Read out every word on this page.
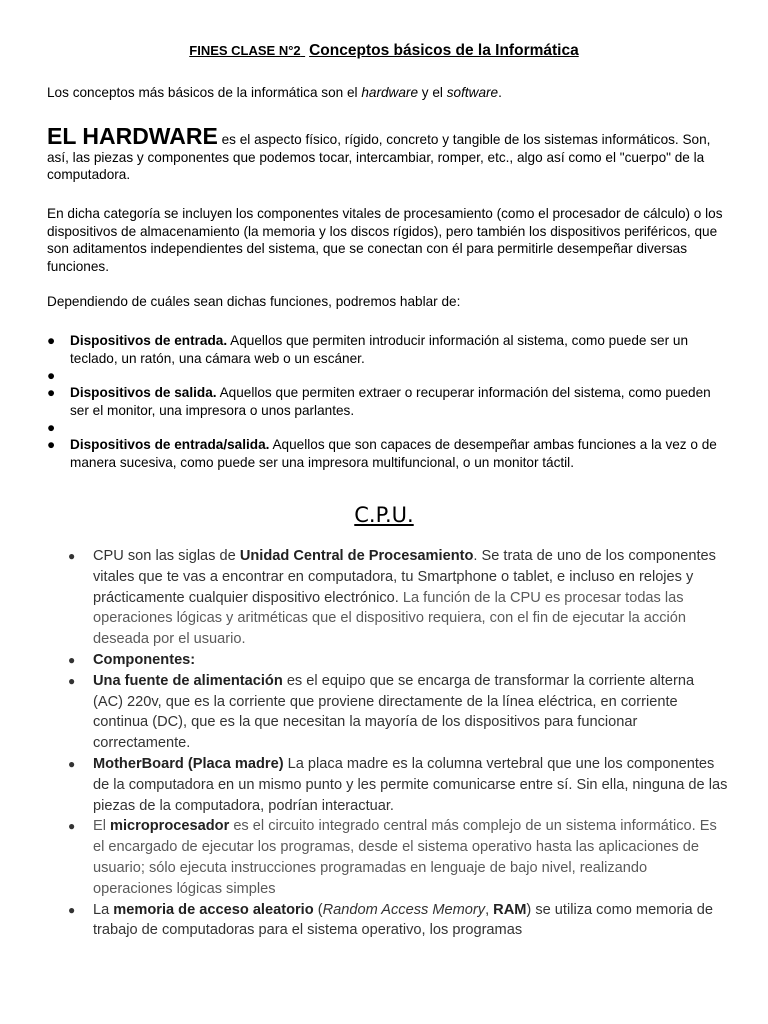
FINES CLASE N°2 Conceptos básicos de la Informática

Los conceptos más básicos de la informática son el hardware y el software.

EL HARDWARE es el aspecto físico, rígido, concreto y tangible de los sistemas informáticos. Son, así, las piezas y componentes que podemos tocar, intercambiar, romper, etc., algo así como el "cuerpo" de la computadora.

En dicha categoría se incluyen los componentes vitales de procesamiento (como el procesador de cálculo) o los dispositivos de almacenamiento (la memoria y los discos rígidos), pero también los dispositivos periféricos, que son aditamentos independientes del sistema, que se conectan con él para permitirle desempeñar diversas funciones.

Dependiendo de cuáles sean dichas funciones, podremos hablar de:

● Dispositivos de entrada. Aquellos que permiten introducir información al sistema, como puede ser un teclado, un ratón, una cámara web o un escáner.
●
● Dispositivos de salida. Aquellos que permiten extraer o recuperar información del sistema, como pueden ser el monitor, una impresora o unos parlantes.
●
● Dispositivos de entrada/salida. Aquellos que son capaces de desempeñar ambas funciones a la vez o de manera sucesiva, como puede ser una impresora multifuncional, o un monitor táctil.
C.P.U.
● CPU son las siglas de Unidad Central de Procesamiento. Se trata de uno de los componentes vitales que te vas a encontrar en computadora, tu Smartphone o tablet, e incluso en relojes y prácticamente cualquier dispositivo electrónico. La función de la CPU es procesar todas las operaciones lógicas y aritméticas que el dispositivo requiera, con el fin de ejecutar la acción deseada por el usuario.
● Componentes:
● Una fuente de alimentación es el equipo que se encarga de transformar la corriente alterna (AC) 220v, que es la corriente que proviene directamente de la línea eléctrica, en corriente continua (DC), que es la que necesitan la mayoría de los dispositivos para funcionar correctamente.
● MotherBoard (Placa madre) La placa madre es la columna vertebral que une los componentes de la computadora en un mismo punto y les permite comunicarse entre sí. Sin ella, ninguna de las piezas de la computadora, podrían interactuar.
● El microprocesador es el circuito integrado central más complejo de un sistema informático. Es el encargado de ejecutar los programas, desde el sistema operativo hasta las aplicaciones de usuario; sólo ejecuta instrucciones programadas en lenguaje de bajo nivel, realizando operaciones lógicas simples
● La memoria de acceso aleatorio (Random Access Memory, RAM) se utiliza como memoria de trabajo de computadoras para el sistema operativo, los programas
